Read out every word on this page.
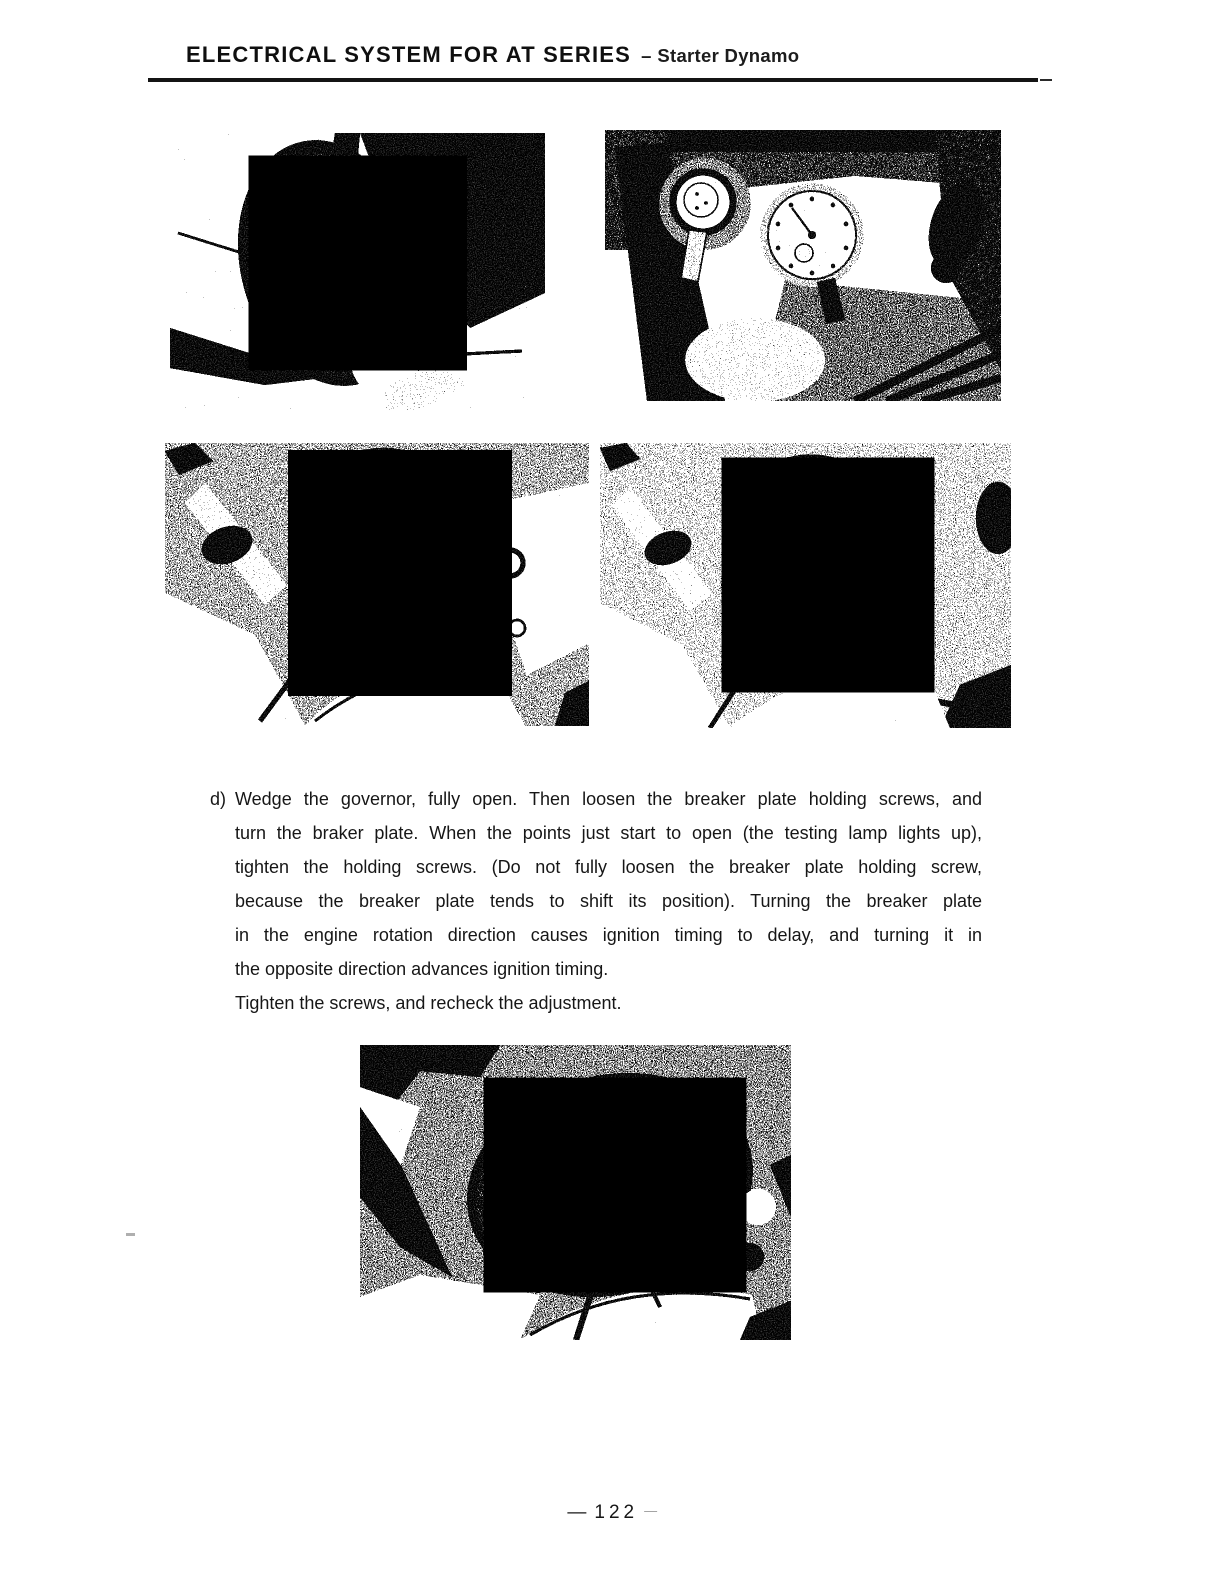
ELECTRICAL SYSTEM FOR AT SERIES – Starter Dynamo
d) Wedge the governor, fully open. Then loosen the breaker plate holding screws, and
turn the braker plate. When the points just start to open (the testing lamp lights up),
tighten the holding screws. (Do not fully loosen the breaker plate holding screw,
because the breaker plate tends to shift its position). Turning the breaker plate
in the engine rotation direction causes ignition timing to delay, and turning it in
the opposite direction advances ignition timing.
Tighten the screws, and recheck the adjustment.
— 122 —
